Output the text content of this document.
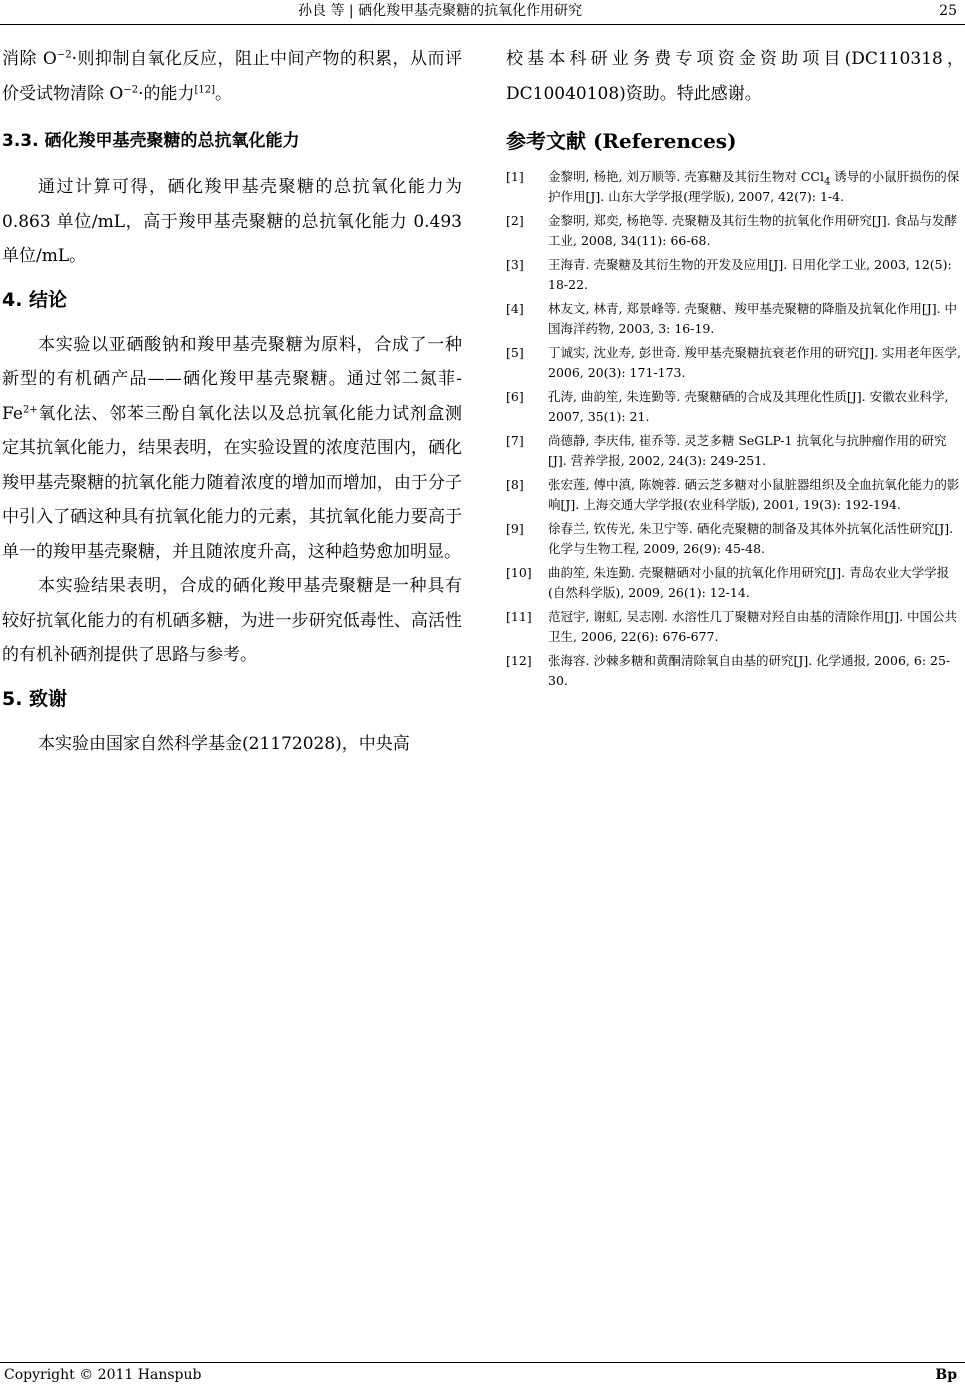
孙良 等 | 硒化羧甲基壳聚糖的抗氧化作用研究	25

消除 $O^{-2}\cdot$则抑制自氧化反应，阻止中间产物的积累，从而评价受试物清除 $O^{-2}\cdot$的能力[12]。

3.3. 硒化羧甲基壳聚糖的总抗氧化能力

通过计算可得，硒化羧甲基壳聚糖的总抗氧化能力为 0.863 单位/mL，高于羧甲基壳聚糖的总抗氧化能力 0.493 单位/mL。

4. 结论

本实验以亚硒酸钠和羧甲基壳聚糖为原料，合成了一种新型的有机硒产品——硒化羧甲基壳聚糖。通过邻二氮菲$-Fe^{2+}$氧化法、邻苯三酚自氧化法以及总抗氧化能力试剂盒测定其抗氧化能力，结果表明，在实验设置的浓度范围内，硒化羧甲基壳聚糖的抗氧化能力随着浓度的增加而增加，由于分子中引入了硒这种具有抗氧化能力的元素，其抗氧化能力要高于单一的羧甲基壳聚糖，并且随浓度升高，这种趋势愈加明显。

本实验结果表明，合成的硒化羧甲基壳聚糖是一种具有较好抗氧化能力的有机硒多糖，为进一步研究低毒性、高活性的有机补硒剂提供了思路与参考。

5. 致谢

本实验由国家自然科学基金(21172028)，中央高

校基本科研业务费专项资金资助项目(DC110318，DC10040108)资助。特此感谢。

参考文献 (References)
[1] 金黎明, 杨艳, 刘万顺等. 壳寡糖及其衍生物对 CCl$_4$ 诱导的小鼠肝损伤的保护作用[J]. 山东大学学报(理学版), 2007, 42(7): 1-4.
[2] 金黎明, 郑奕, 杨艳等. 壳聚糖及其衍生物的抗氧化作用研究[J]. 食品与发酵工业, 2008, 34(11): 66-68.
[3] 王海青. 壳聚糖及其衍生物的开发及应用[J]. 日用化学工业, 2003, 12(5): 18-22.
[4] 林友文, 林青, 郑景峰等. 壳聚糖、羧甲基壳聚糖的降脂及抗氧化作用[J]. 中国海洋药物, 2003, 3: 16-19.
[5] 丁诚实, 沈业寿, 彭世奇. 羧甲基壳聚糖抗衰老作用的研究[J]. 实用老年医学, 2006, 20(3): 171-173.
[6] 孔涛, 曲韵笙, 朱连勤等. 壳聚糖硒的合成及其理化性质[J]. 安徽农业科学, 2007, 35(1): 21.
[7] 尚德静, 李庆伟, 崔乔等. 灵芝多糖 SeGLP-1 抗氧化与抗肿瘤作用的研究[J]. 营养学报, 2002, 24(3): 249-251.
[8] 张宏莲, 傅中滇, 陈婉蓉. 硒云芝多糖对小鼠脏器组织及全血抗氧化能力的影响[J]. 上海交通大学学报(农业科学版), 2001, 19(3): 192-194.
[9] 徐春兰, 钦传光, 朱卫宁等. 硒化壳聚糖的制备及其体外抗氧化活性研究[J]. 化学与生物工程, 2009, 26(9): 45-48.
[10] 曲韵笙, 朱连勤. 壳聚糖硒对小鼠的抗氧化作用研究[J]. 青岛农业大学学报(自然科学版), 2009, 26(1): 12-14.
[11] 范冠宇, 谢虹, 吴志刚. 水溶性几丁聚糖对羟自由基的清除作用[J]. 中国公共卫生, 2006, 22(6): 676-677.
[12] 张海容. 沙棘多糖和黄酮清除氧自由基的研究[J]. 化学通报, 2006, 6: 25-30.
Copyright © 2011 Hanspub	Bp
